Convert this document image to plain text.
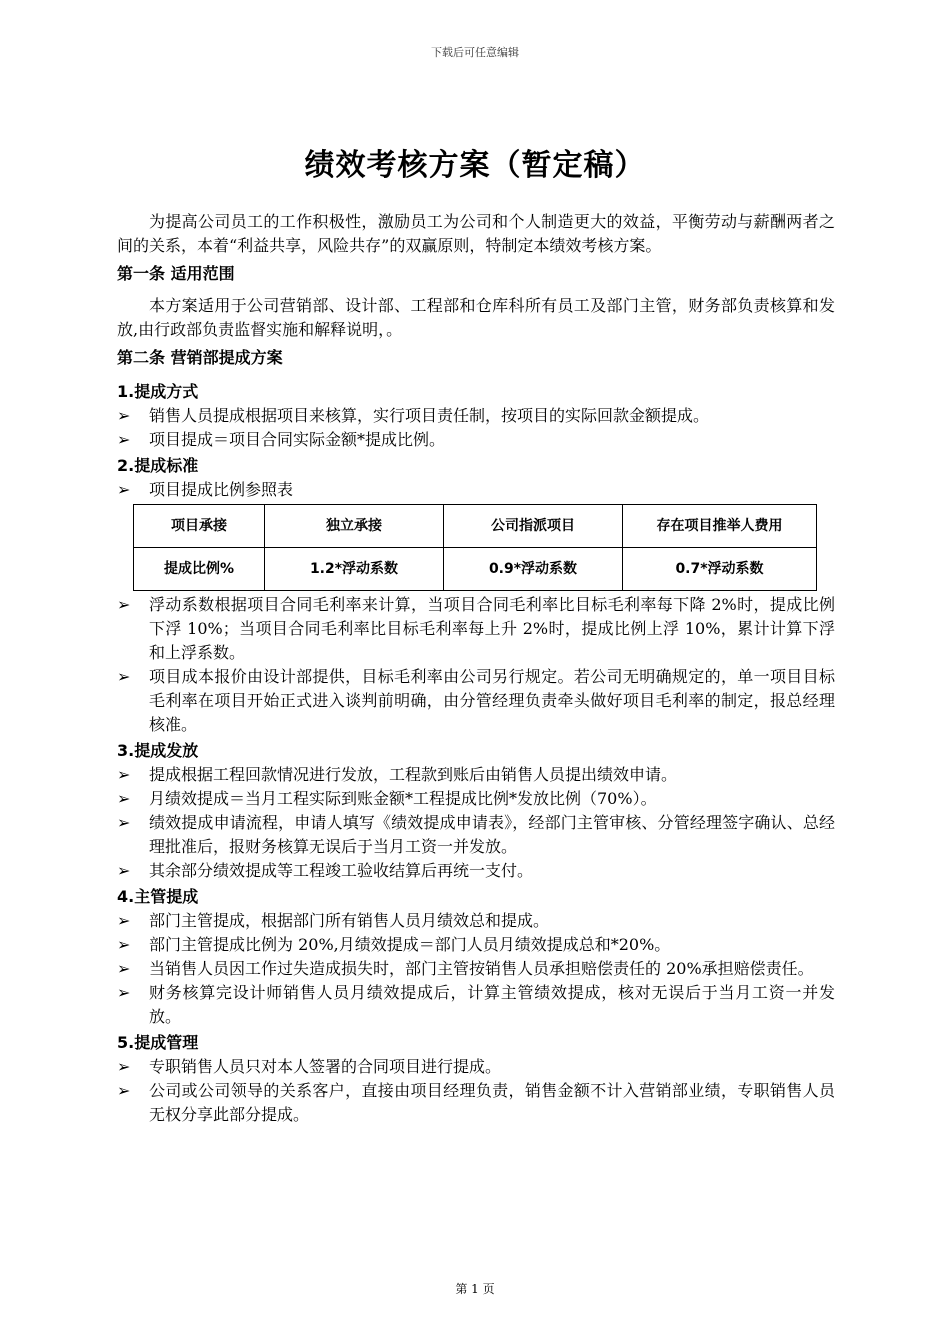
下载后可任意编辑
绩效考核方案（暂定稿）

为提高公司员工的工作积极性，激励员工为公司和个人制造更大的效益，平衡劳动与薪酬两者之间的关系，本着“利益共享，风险共存”的双赢原则，特制定本绩效考核方案。

第一条 适用范围

本方案适用于公司营销部、设计部、工程部和仓库科所有员工及部门主管，财务部负责核算和发放,由行政部负责监督实施和解释说明，。

第二条 营销部提成方案
1.提成方式
➢	销售人员提成根据项目来核算，实行项目责任制，按项目的实际回款金额提成。
➢	项目提成＝项目合同实际金额*提成比例。
2.提成标准
➢	项目提成比例参照表
项目承接	独立承接	公司指派项目	存在项目推举人费用
提成比例%	1.2*浮动系数	0.9*浮动系数	0.7*浮动系数
➢	浮动系数根据项目合同毛利率来计算，当项目合同毛利率比目标毛利率每下降 2%时，提成比例下浮 10%；当项目合同毛利率比目标毛利率每上升 2%时，提成比例上浮 10%，累计计算下浮和上浮系数。
➢	项目成本报价由设计部提供，目标毛利率由公司另行规定。若公司无明确规定的，单一项目目标毛利率在项目开始正式进入谈判前明确，由分管经理负责牵头做好项目毛利率的制定，报总经理核准。
3.提成发放
➢	提成根据工程回款情况进行发放，工程款到账后由销售人员提出绩效申请。
➢	月绩效提成＝当月工程实际到账金额*工程提成比例*发放比例（70%）。
➢	绩效提成申请流程，申请人填写《绩效提成申请表》，经部门主管审核、分管经理签字确认、总经理批准后，报财务核算无误后于当月工资一并发放。
➢	其余部分绩效提成等工程竣工验收结算后再统一支付。
4.主管提成
➢	部门主管提成，根据部门所有销售人员月绩效总和提成。
➢	部门主管提成比例为 20%,月绩效提成＝部门人员月绩效提成总和*20%。
➢	当销售人员因工作过失造成损失时，部门主管按销售人员承担赔偿责任的 20%承担赔偿责任。
➢	财务核算完设计师销售人员月绩效提成后，计算主管绩效提成，核对无误后于当月工资一并发放。
5.提成管理
➢	专职销售人员只对本人签署的合同项目进行提成。
➢	公司或公司领导的关系客户，直接由项目经理负责，销售金额不计入营销部业绩，专职销售人员无权分享此部分提成。
第 1 页
